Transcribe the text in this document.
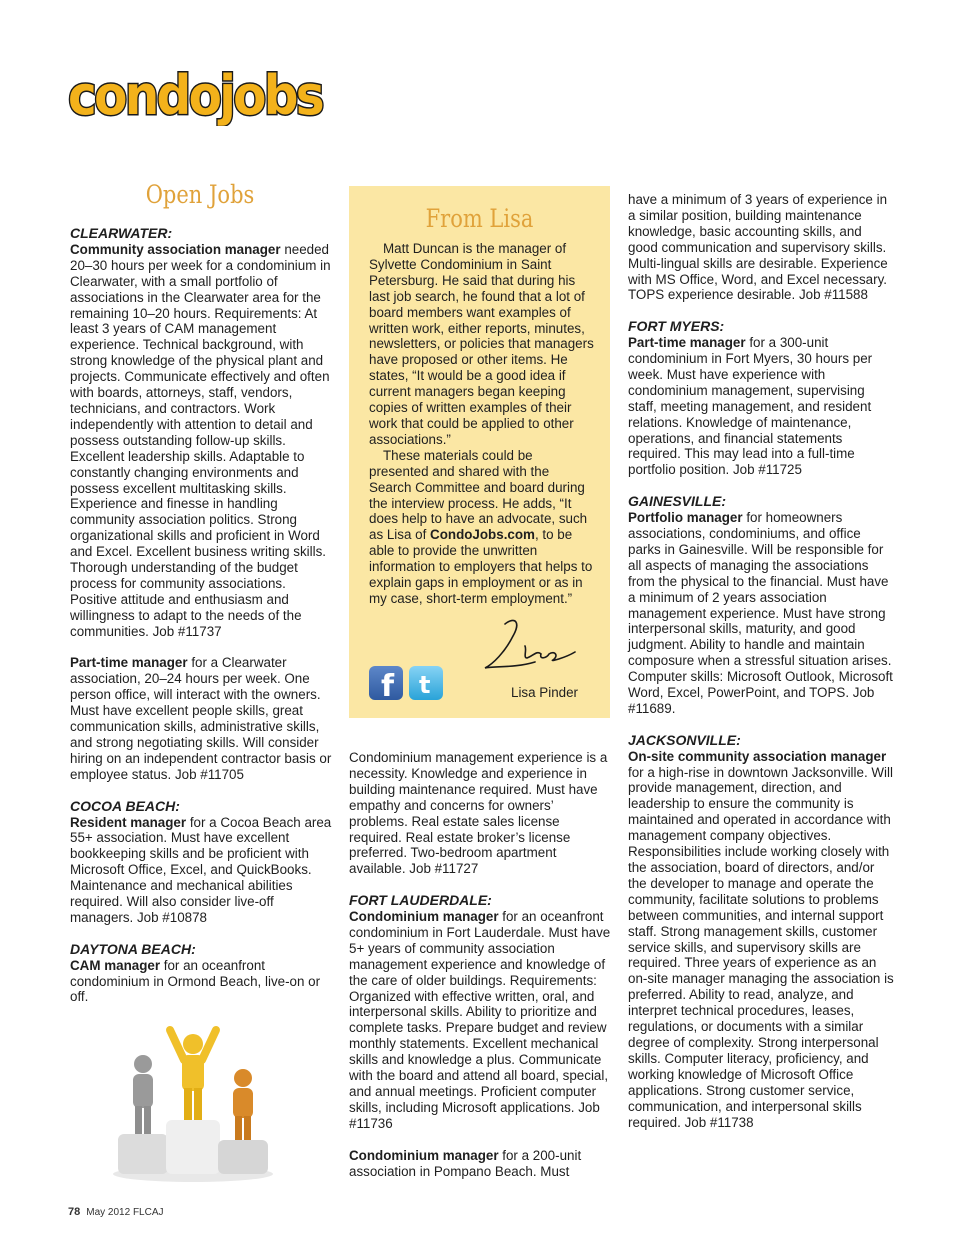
condojobs
Open Jobs

CLEARWATER:
Community association manager needed 20–30 hours per week for a condominium in Clearwater, with a small portfolio of associations in the Clearwater area for the remaining 10–20 hours. Requirements: At least 3 years of CAM management experience. Technical background, with strong knowledge of the physical plant and projects. Communicate effectively and often with boards, attorneys, staff, vendors, technicians, and contractors. Work independently with attention to detail and possess outstanding follow-up skills. Excellent leadership skills. Adaptable to constantly changing environments and possess excellent multitasking skills. Experience and finesse in handling community association politics. Strong organizational skills and proficient in Word and Excel. Excellent business writing skills. Thorough understanding of the budget process for community associations. Positive attitude and enthusiasm and willingness to adapt to the needs of the communities. Job #11737

Part-time manager for a Clearwater association, 20–24 hours per week. One person office, will interact with the owners. Must have excellent people skills, great communication skills, administrative skills, and strong negotiating skills. Will consider hiring on an independent contractor basis or employee status. Job #11705

COCOA BEACH:
Resident manager for a Cocoa Beach area 55+ association. Must have excellent bookkeeping skills and be proficient with Microsoft Office, Excel, and QuickBooks. Maintenance and mechanical abilities required. Will also consider live-off managers. Job #10878

DAYTONA BEACH:
CAM manager for an oceanfront condominium in Ormond Beach, live-on or off.

From Lisa

Matt Duncan is the manager of Sylvette Condominium in Saint Petersburg. He said that during his last job search, he found that a lot of board members want examples of written work, either reports, minutes, newsletters, or policies that managers have proposed or other items. He states, “It would be a good idea if current managers began keeping copies of written examples of their work that could be applied to other associations.”

These materials could be presented and shared with the Search Committee and board during the interview process. He adds, “It does help to have an advocate, such as Lisa of CondoJobs.com, to be able to provide the unwritten information to employers that helps to explain gaps in employment or as in my case, short-term employment.”

f t	Lisa Pinder

Condominium management experience is a necessity. Knowledge and experience in building maintenance required. Must have empathy and concerns for owners’ problems. Real estate sales license required. Real estate broker’s license preferred. Two-bedroom apartment available. Job #11727

FORT LAUDERDALE:
Condominium manager for an oceanfront condominium in Fort Lauderdale. Must have 5+ years of community association management experience and knowledge of the care of older buildings. Requirements: Organized with effective written, oral, and interpersonal skills. Ability to prioritize and complete tasks. Prepare budget and review monthly statements. Excellent mechanical skills and knowledge a plus. Communicate with the board and attend all board, special, and annual meetings. Proficient computer skills, including Microsoft applications. Job #11736

Condominium manager for a 200-unit association in Pompano Beach. Must

have a minimum of 3 years of experience in a similar position, building maintenance knowledge, basic accounting skills, and good communication and supervisory skills. Multi-lingual skills are desirable. Experience with MS Office, Word, and Excel necessary. TOPS experience desirable. Job #11588

FORT MYERS:
Part-time manager for a 300-unit condominium in Fort Myers, 30 hours per week. Must have experience with condominium management, supervising staff, meeting management, and resident relations. Knowledge of maintenance, operations, and financial statements required. This may lead into a full-time portfolio position. Job #11725

GAINESVILLE:
Portfolio manager for homeowners associations, condominiums, and office parks in Gainesville. Will be responsible for all aspects of managing the associations from the physical to the financial. Must have a minimum of 2 years association management experience. Must have strong interpersonal skills, maturity, and good judgment. Ability to handle and maintain composure when a stressful situation arises. Computer skills: Microsoft Outlook, Microsoft Word, Excel, PowerPoint, and TOPS. Job #11689.

JACKSONVILLE:
On-site community association manager for a high-rise in downtown Jacksonville. Will provide management, direction, and leadership to ensure the community is maintained and operated in accordance with management company objectives. Responsibilities include working closely with the association, board of directors, and/or the developer to manage and operate the community, facilitate solutions to problems between communities, and internal support staff. Strong management skills, customer service skills, and supervisory skills are required. Three years of experience as an on-site manager managing the association is preferred. Ability to read, analyze, and interpret technical procedures, leases, regulations, or documents with a similar degree of complexity. Strong interpersonal skills. Computer literacy, proficiency, and working knowledge of Microsoft Office applications. Strong customer service, communication, and interpersonal skills required. Job #11738

78 May 2012 FLCAJ
